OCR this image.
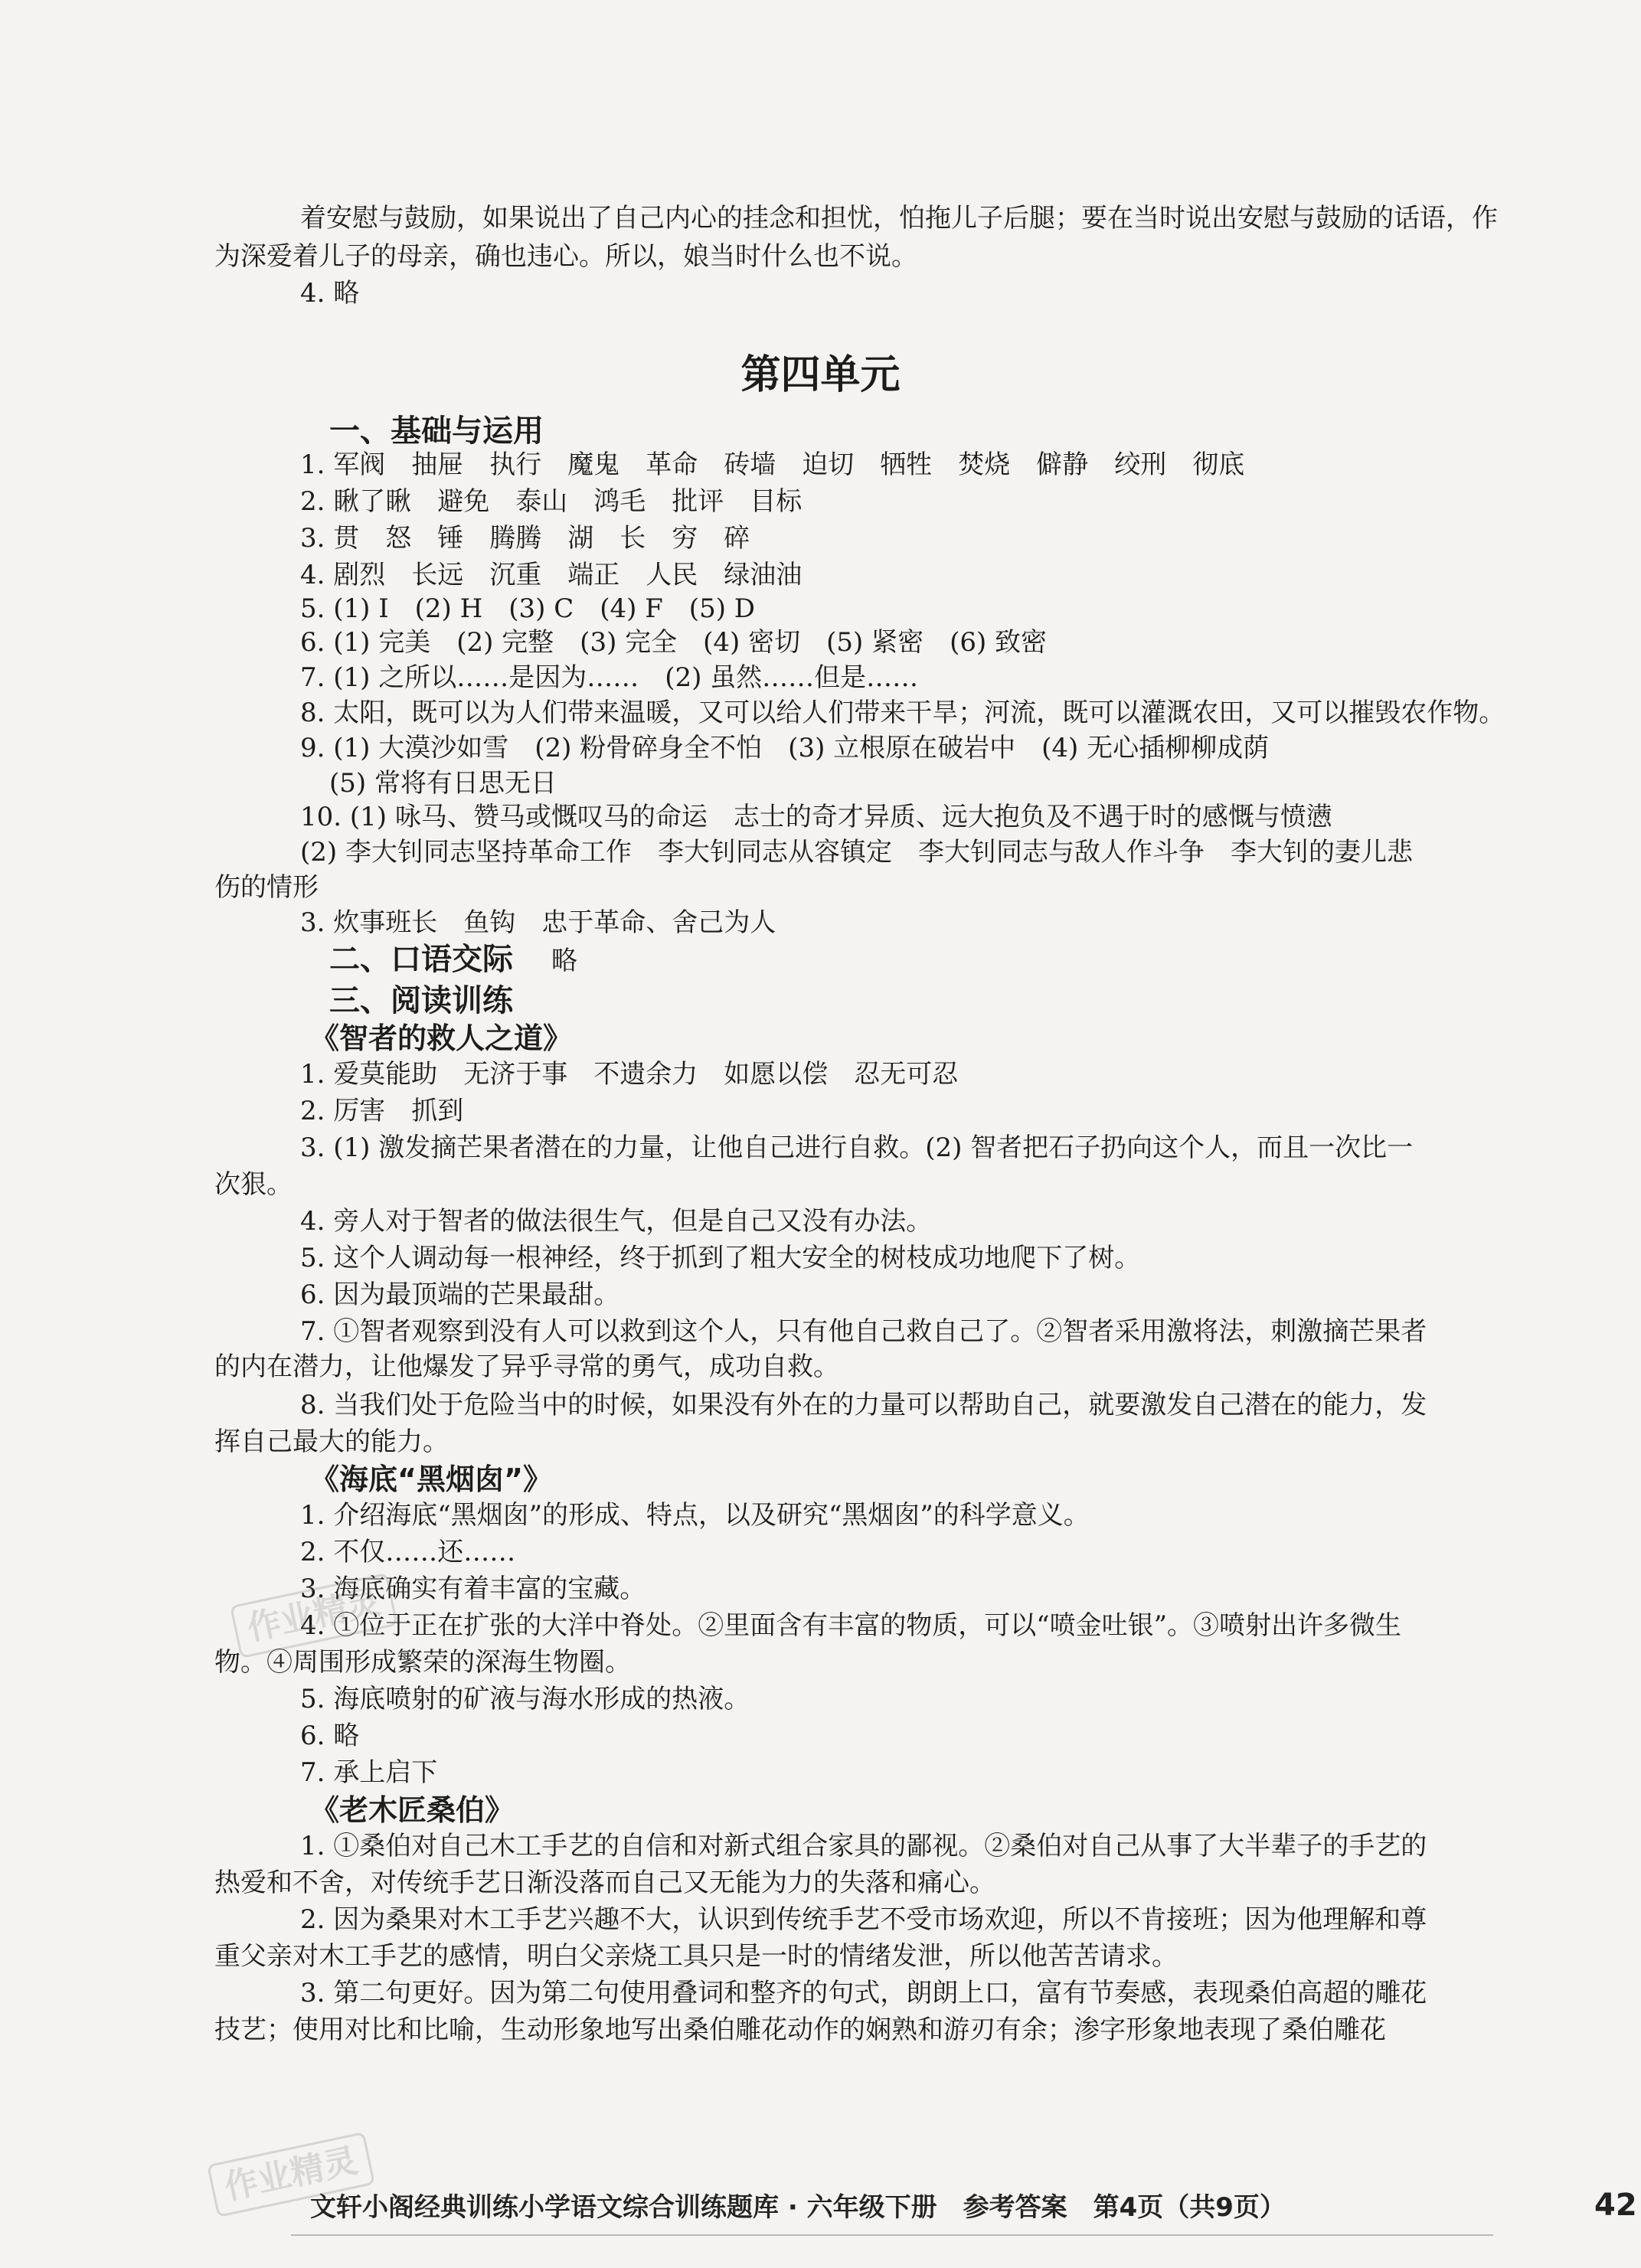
着安慰与鼓励，如果说出了自己内心的挂念和担忧，怕拖儿子后腿；要在当时说出安慰与鼓励的话语，作
为深爱着儿子的母亲，确也违心。所以，娘当时什么也不说。
4. 略
第四单元
一、基础与运用
1. 军阀　抽屉　执行　魔鬼　革命　砖墙　迫切　牺牲　焚烧　僻静　绞刑　彻底
2. 瞅了瞅　避免　泰山　鸿毛　批评　目标
3. 贯　怒　锤　腾腾　湖　长　穷　碎
4. 剧烈　长远　沉重　端正　人民　绿油油
5. (1) I　(2) H　(3) C　(4) F　(5) D
6. (1) 完美　(2) 完整　(3) 完全　(4) 密切　(5) 紧密　(6) 致密
7. (1) 之所以……是因为……　(2) 虽然……但是……
8. 太阳，既可以为人们带来温暖，又可以给人们带来干旱；河流，既可以灌溉农田，又可以摧毁农作物。
9. (1) 大漠沙如雪　(2) 粉骨碎身全不怕　(3) 立根原在破岩中　(4) 无心插柳柳成荫
(5) 常将有日思无日
10. (1) 咏马、赞马或慨叹马的命运　志士的奇才异质、远大抱负及不遇于时的感慨与愤懑
(2) 李大钊同志坚持革命工作　李大钊同志从容镇定　李大钊同志与敌人作斗争　李大钊的妻儿悲
伤的情形
3. 炊事班长　鱼钩　忠于革命、舍己为人
二、口语交际 略
三、阅读训练
《智者的救人之道》
1. 爱莫能助　无济于事　不遗余力　如愿以偿　忍无可忍
2. 厉害　抓到
3. (1) 激发摘芒果者潜在的力量，让他自己进行自救。(2) 智者把石子扔向这个人，而且一次比一
次狠。
4. 旁人对于智者的做法很生气，但是自己又没有办法。
5. 这个人调动每一根神经，终于抓到了粗大安全的树枝成功地爬下了树。
6. 因为最顶端的芒果最甜。
7. ①智者观察到没有人可以救到这个人，只有他自己救自己了。②智者采用激将法，刺激摘芒果者
的内在潜力，让他爆发了异乎寻常的勇气，成功自救。
8. 当我们处于危险当中的时候，如果没有外在的力量可以帮助自己，就要激发自己潜在的能力，发
挥自己最大的能力。
《海底“黑烟囱”》
1. 介绍海底“黑烟囱”的形成、特点，以及研究“黑烟囱”的科学意义。
2. 不仅……还……
3. 海底确实有着丰富的宝藏。
4. ①位于正在扩张的大洋中脊处。②里面含有丰富的物质，可以“喷金吐银”。③喷射出许多微生
物。④周围形成繁荣的深海生物圈。
5. 海底喷射的矿液与海水形成的热液。
6. 略
7. 承上启下
《老木匠桑伯》
1. ①桑伯对自己木工手艺的自信和对新式组合家具的鄙视。②桑伯对自己从事了大半辈子的手艺的
热爱和不舍，对传统手艺日渐没落而自己又无能为力的失落和痛心。
2. 因为桑果对木工手艺兴趣不大，认识到传统手艺不受市场欢迎，所以不肯接班；因为他理解和尊
重父亲对木工手艺的感情，明白父亲烧工具只是一时的情绪发泄，所以他苦苦请求。
3. 第二句更好。因为第二句使用叠词和整齐的句式，朗朗上口，富有节奏感，表现桑伯高超的雕花
技艺；使用对比和比喻，生动形象地写出桑伯雕花动作的娴熟和游刃有余；渗字形象地表现了桑伯雕花
作业精灵
作业精灵
文轩小阁经典训练小学语文综合训练题库 · 六年级下册　参考答案　第4页（共9页）	42
